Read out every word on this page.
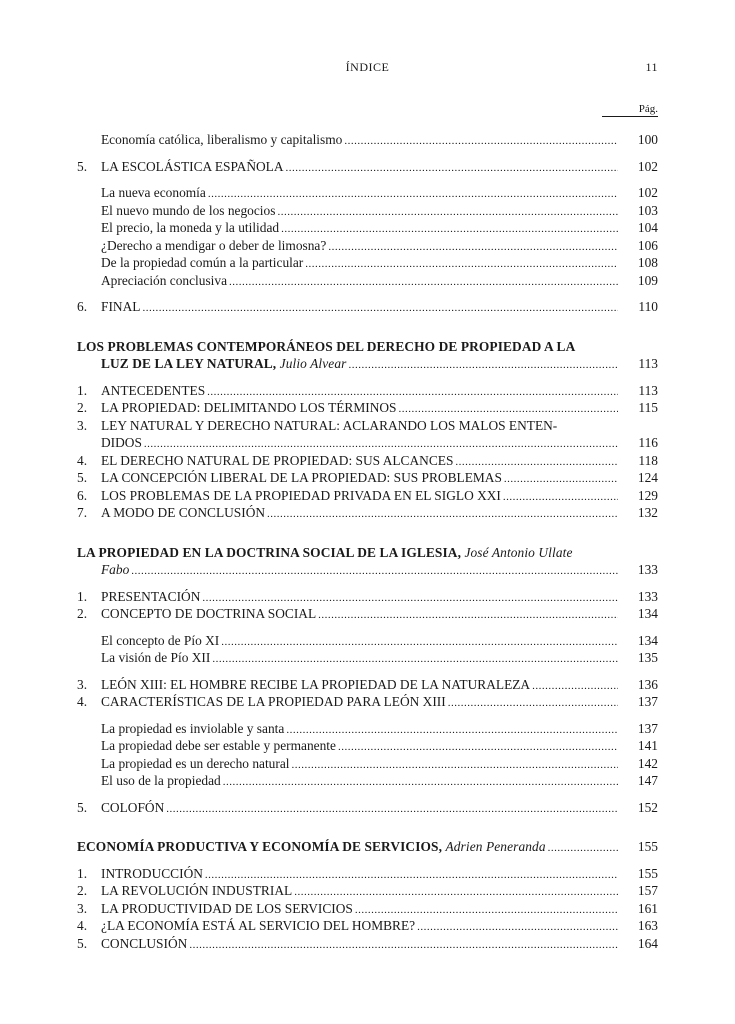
ÍNDICE	11
Pág.
Economía católica, liberalismo y capitalismo .....	100
5. LA ESCOLÁSTICA ESPAÑOLA .....	102
La nueva economía .....	102
El nuevo mundo de los negocios .....	103
El precio, la moneda y la utilidad .....	104
¿Derecho a mendigar o deber de limosna? .....	106
De la propiedad común a la particular .....	108
Apreciación conclusiva .....	109
6. FINAL .....	110
LOS PROBLEMAS CONTEMPORÁNEOS DEL DERECHO DE PROPIEDAD A LA
LUZ DE LA LEY NATURAL, Julio Alvear .....	113
1. ANTECEDENTES .....	113
2. LA PROPIEDAD: DELIMITANDO LOS TÉRMINOS .....	115
3. LEY NATURAL Y DERECHO NATURAL: ACLARANDO LOS MALOS ENTEN-
DIDOS .....	116
4. EL DERECHO NATURAL DE PROPIEDAD: SUS ALCANCES .....	118
5. LA CONCEPCIÓN LIBERAL DE LA PROPIEDAD: SUS PROBLEMAS .....	124
6. LOS PROBLEMAS DE LA PROPIEDAD PRIVADA EN EL SIGLO XXI .....	129
7. A MODO DE CONCLUSIÓN .....	132
LA PROPIEDAD EN LA DOCTRINA SOCIAL DE LA IGLESIA, José Antonio Ullate
Fabo .....	133
1. PRESENTACIÓN .....	133
2. CONCEPTO DE DOCTRINA SOCIAL .....	134
El concepto de Pío XI .....	134
La visión de Pío XII .....	135
3. LEÓN XIII: EL HOMBRE RECIBE LA PROPIEDAD DE LA NATURALEZA .....	136
4. CARACTERÍSTICAS DE LA PROPIEDAD PARA LEÓN XIII .....	137
La propiedad es inviolable y santa .....	137
La propiedad debe ser estable y permanente .....	141
La propiedad es un derecho natural .....	142
El uso de la propiedad .....	147
5. COLOFÓN .....	152
ECONOMÍA PRODUCTIVA Y ECONOMÍA DE SERVICIOS, Adrien Peneranda .....	155
1. INTRODUCCIÓN .....	155
2. LA REVOLUCIÓN INDUSTRIAL .....	157
3. LA PRODUCTIVIDAD DE LOS SERVICIOS .....	161
4. ¿LA ECONOMÍA ESTÁ AL SERVICIO DEL HOMBRE? .....	163
5. CONCLUSIÓN .....	164
